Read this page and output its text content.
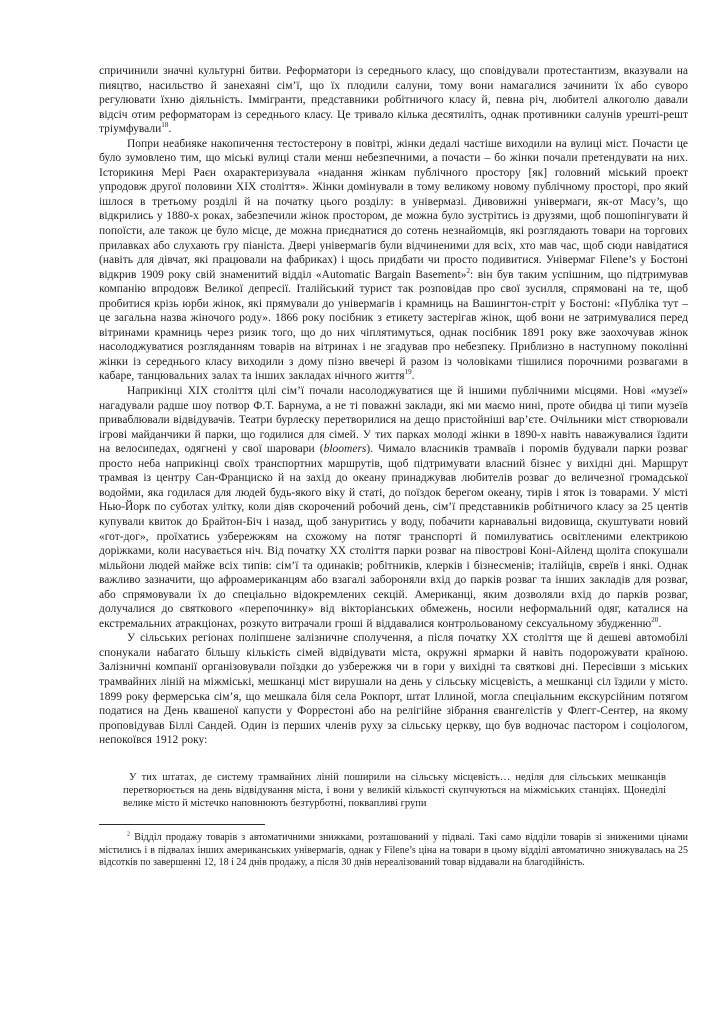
спричинили значні культурні битви. Реформатори із середнього класу, що сповідували протестантизм, вказували на пияцтво, насильство й занехаяні сім’ї, що їх плодили салуни, тому вони намагалися зачинити їх або суворо регулювати їхню діяльність. Іммігранти, представники робітничого класу й, певна річ, любителі алкоголю давали відсіч отим реформаторам із середнього класу. Це тривало кілька десятиліть, однак противники салунів урешті-решт тріумфували$^{18}$.

Попри неабияке накопичення тестостерону в повітрі, жінки дедалі частіше виходили на вулиці міст. Почасти це було зумовлено тим, що міські вулиці стали менш небезпечними, а почасти – бо жінки почали претендувати на них. Історикиня Мері Раєн охарактеризувала «надання жінкам публічного простору [як] головний міський проект упродовж другої половини XIX століття». Жінки домінували в тому великому новому публічному просторі, про який ішлося в третьому розділі й на початку цього розділу: в універмазі. Дивовижні універмаги, як-от Macy’s, що відкрились у 1880-х роках, забезпечили жінок простором, де можна було зустрітись із друзями, щоб пошопінгувати й попоїсти, але також це було місце, де можна приєднатися до сотень незнайомців, які розглядають товари на торгових прилавках або слухають гру піаніста. Двері універмагів були відчиненими для всіх, хто мав час, щоб сюди навідатися (навіть для дівчат, які працювали на фабриках) і щось придбати чи просто подивитися. Універмаг Filene’s у Бостоні відкрив 1909 року свій знаменитий відділ «Automatic Bargain Basement»$^2$: він був таким успішним, що підтримував компанію впродовж Великої депресії. Італійський турист так розповідав про свої зусилля, спрямовані на те, щоб пробитися крізь юрби жінок, які прямували до універмагів і крамниць на Вашингтон-стріт у Бостоні: «Публіка тут – це загальна назва жіночого роду». 1866 року посібник з етикету застерігав жінок, щоб вони не затримувалися перед вітринами крамниць через ризик того, що до них чіплятимуться, однак посібник 1891 року вже заохочував жінок насолоджуватися розгляданням товарів на вітринах і не згадував про небезпеку. Приблизно в наступному поколінні жінки із середнього класу виходили з дому пізно ввечері й разом із чоловіками тішилися порочними розвагами в кабаре, танцювальних залах та інших закладах нічного життя$^{19}$.

Наприкінці XIX століття цілі сім’ї почали насолоджуватися ще й іншими публічними місцями. Нові «музеї» нагадували радше шоу потвор Ф.Т. Барнума, а не ті поважні заклади, які ми маємо нині, проте обидва ці типи музеїв приваблювали відвідувачів. Театри бурлеску перетворилися на дещо пристойніші вар’єте. Очільники міст створювали ігрові майданчики й парки, що годилися для сімей. У тих парках молоді жінки в 1890-х навіть наважувалися їздити на велосипедах, одягнені у свої шаровари (bloomers). Чимало власників трамваїв і поромів будували парки розваг просто неба наприкінці своїх транспортних маршрутів, щоб підтримувати власний бізнес у вихідні дні. Маршрут трамвая із центру Сан-Франциско й на захід до океану принаджував любителів розваг до величезної громадської водойми, яка годилася для людей будь-якого віку й статі, до поїздок берегом океану, тирів і яток із товарами. У місті Нью-Йорк по суботах улітку, коли діяв скорочений робочий день, сім’ї представників робітничого класу за 25 центів купували квиток до Брайтон-Біч і назад, щоб зануритись у воду, побачити карнавальні видовища, скуштувати новий «гот-дог», проїхатись узбережжям на схожому на потяг транспорті й помилуватись освітленими електрикою доріжками, коли насувається ніч. Від початку XX століття парки розваг на півострові Коні-Айленд щоліта спокушали мільйони людей майже всіх типів: сім’ї та одинаків; робітників, клерків і бізнесменів; італійців, євреїв і янкі. Однак важливо зазначити, що афроамериканцям або взагалі забороняли вхід до парків розваг та інших закладів для розваг, або спрямовували їх до спеціально відокремлених секцій. Американці, яким дозволяли вхід до парків розваг, долучалися до святкового «перепочинку» від вікторіанських обмежень, носили неформальний одяг, каталися на екстремальних атракціонах, розкуто витрачали гроші й віддавалися контрольованому сексуальному збудженню$^{20}$.

У сільських регіонах поліпшене залізничне сполучення, а після початку XX століття ще й дешеві автомобілі спонукали набагато більшу кількість сімей відвідувати міста, окружні ярмарки й навіть подорожувати країною. Залізничні компанії організовували поїздки до узбережжя чи в гори у вихідні та святкові дні. Пересівши з міських трамвайних ліній на міжміські, мешканці міст вирушали на день у сільську місцевість, а мешканці сіл їздили у місто. 1899 року фермерська сім’я, що мешкала біля села Рокпорт, штат Іллиной, могла спеціальним екскурсійним потягом податися на День квашеної капусти у Форрестоні або на релігійне зібрання євангелістів у Флегг-Сентер, на якому проповідував Біллі Сандей. Один із перших членів руху за сільську церкву, що був водночас пастором і соціологом, непокоївся 1912 року:

У тих штатах, де систему трамвайних ліній поширили на сільську місцевість… неділя для сільських мешканців перетворюється на день відвідування міста, і вони у великій кількості скупчуються на міжміських станціях. Щонеділі велике місто й містечко наповнюють безтурботні, поквапливі групи

$^2$ Відділ продажу товарів з автоматичними знижками, розташований у підвалі. Такі само відділи товарів зі зниженими цінами містились і в підвалах інших американських універмагів, однак у Filene’s ціна на товари в цьому відділі автоматично знижувалась на 25 відсотків по завершенні 12, 18 і 24 днів продажу, а після 30 днів нереалізований товар віддавали на благодійність.
